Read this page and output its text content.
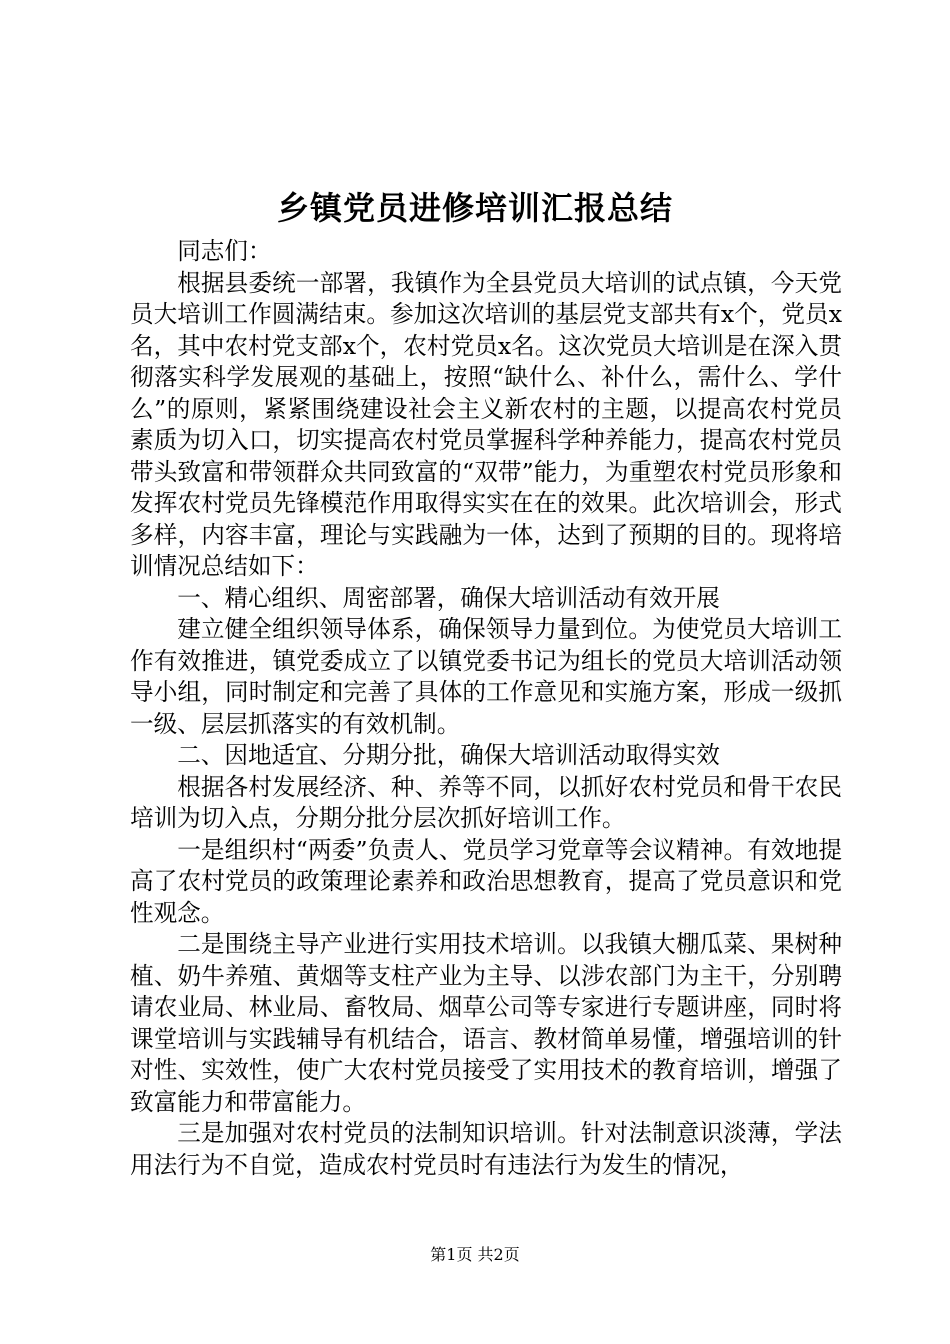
乡镇党员进修培训汇报总结

同志们：

根据县委统一部署，我镇作为全县党员大培训的试点镇，今天党员大培训工作圆满结束。参加这次培训的基层党支部共有x个，党员x名，其中农村党支部x个，农村党员x名。这次党员大培训是在深入贯彻落实科学发展观的基础上，按照“缺什么、补什么，需什么、学什么”的原则，紧紧围绕建设社会主义新农村的主题，以提高农村党员素质为切入口，切实提高农村党员掌握科学种养能力，提高农村党员带头致富和带领群众共同致富的“双带”能力，为重塑农村党员形象和发挥农村党员先锋模范作用取得实实在在的效果。此次培训会，形式多样，内容丰富，理论与实践融为一体，达到了预期的目的。现将培训情况总结如下：

一、精心组织、周密部署，确保大培训活动有效开展

建立健全组织领导体系，确保领导力量到位。为使党员大培训工作有效推进，镇党委成立了以镇党委书记为组长的党员大培训活动领导小组，同时制定和完善了具体的工作意见和实施方案，形成一级抓一级、层层抓落实的有效机制。

二、因地适宜、分期分批，确保大培训活动取得实效

根据各村发展经济、种、养等不同，以抓好农村党员和骨干农民培训为切入点，分期分批分层次抓好培训工作。

一是组织村“两委”负责人、党员学习党章等会议精神。有效地提高了农村党员的政策理论素养和政治思想教育，提高了党员意识和党性观念。

二是围绕主导产业进行实用技术培训。以我镇大棚瓜菜、果树种植、奶牛养殖、黄烟等支柱产业为主导、以涉农部门为主干，分别聘请农业局、林业局、畜牧局、烟草公司等专家进行专题讲座，同时将课堂培训与实践辅导有机结合，语言、教材简单易懂，增强培训的针对性、实效性，使广大农村党员接受了实用技术的教育培训，增强了致富能力和带富能力。

三是加强对农村党员的法制知识培训。针对法制意识淡薄，学法用法行为不自觉，造成农村党员时有违法行为发生的情况，

第1页 共2页
